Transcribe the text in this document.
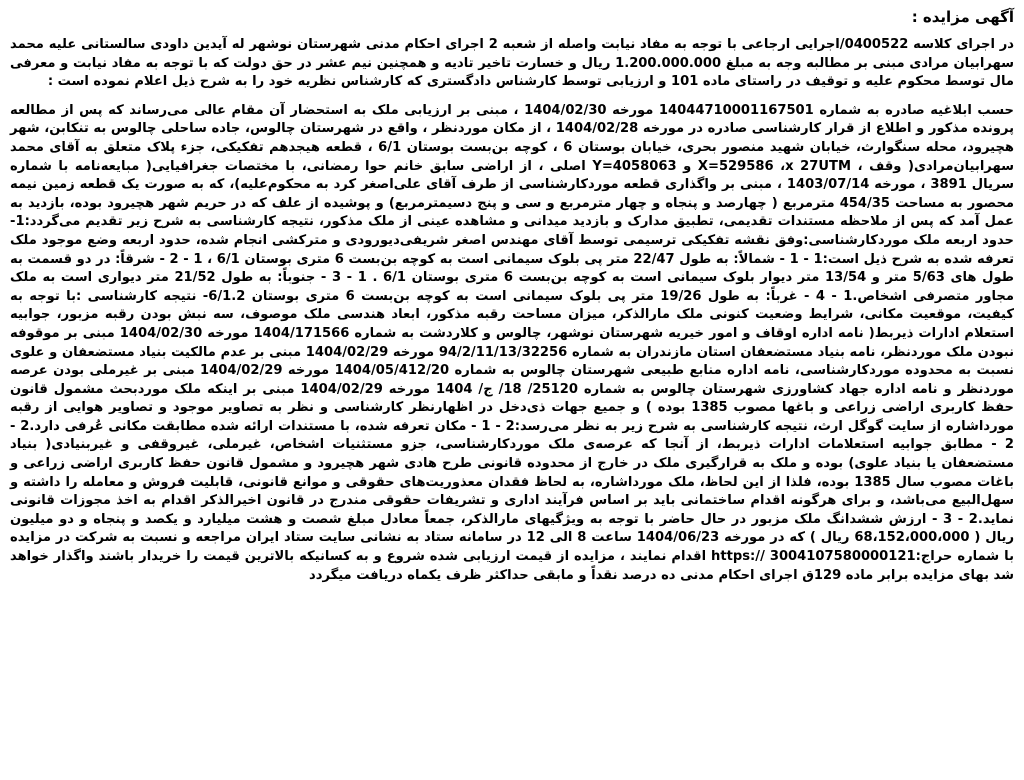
آگهی مزایده :

در اجرای کلاسه 0400522/اجرایی ارجاعی با توجه به مفاد نیابت واصله از شعبه 2 اجرای احکام مدنی شهرستان نوشهر له آیدین داودی سالستانی علیه محمد سهرابیان مرادی مبنی بر مطالبه وجه به مبلغ 1.200.000.000 ریال و خسارت تاخیر تادیه و همچنین نیم عشر در حق دولت که با توجه به مفاد نیابت و معرفی مال توسط محکوم علیه و توقیف در راستای ماده 101 و ارزیابی توسط کارشناس دادگستری که کارشناس نظریه خود را به شرح ذیل اعلام نموده است :

حسب ابلاغیه صادره به شماره 14044710001167501 مورخه 1404/02/30 ، مبنی بر ارزیابی ملک به استحضار آن مقام عالی می‌رساند که پس از مطالعه پرونده مذکور و اطلاع از قرار کارشناسی صادره در مورخه 1404/02/28 ، از مکان موردنظر ، واقع در شهرستان چالوس، جاده ساحلی چالوس به تنکابن، شهر هچیرود، محله سنگوارث، خیابان شهید منصور بحری، خیابان بوستان 6 ، کوچه بن‌بست بوستان 6/1 ، قطعه هیجدهم تفکیکی، جزء پلاک متعلق به آقای محمد سهرابیان‌مرادی( وقف ، X=529586 ،x 27UTM و Y=4058063 اصلی ، از اراضی سابق خانم حوا رمضانی، با مختصات جغرافیایی( مبایعه‌نامه با شماره سریال 3891 ، مورخه 1403/07/14 ، مبنی بر واگذاری قطعه موردکارشناسی از طرف آقای علی‌اصغر کرد به محکوم‌علیه)، که به صورت یک قطعه زمین نیمه محصور به مساحت 454/35 مترمربع ( چهارصد و پنجاه و چهار مترمربع و سی و پنج دسیمترمربع) و پوشیده از علف که در حریم شهر هچیرود بوده، بازدید به عمل آمد که پس از ملاحظه مستندات تقدیمی، تطبیق مدارک و بازدید میدانی و مشاهده عینی از ملک مذکور، نتیجه کارشناسی به شرح زیر تقدیم می‌گردد:1- حدود اربعه ملک موردکارشناسی:وفق نقشه تفکیکی ترسیمی توسط آقای مهندس اصغر شریفی‌دیورودی و مترکشی انجام شده، حدود اربعه وضع موجود ملک تعرفه شده به شرح ذیل است:1 - 1 - شمالاً: به طول 22/47 متر پی بلوک سیمانی است به کوچه بن‌بست 6 متری بوستان 6/1 ، 1 - 2 - شرقاً: در دو قسمت به طول های 5/63 متر و 13/54 متر دیوار بلوک سیمانی است به کوچه بن‌بست 6 متری بوستان 6/1 . 1 - 3 - جنوباً: به طول 21/52 متر دیواری است به ملک مجاور متصرفی اشخاص.1 - 4 - غرباً: به طول 19/26 متر پی بلوک سیمانی است به کوچه بن‌بست 6 متری بوستان 6/1.2- نتیجه کارشناسی :با توجه به کیفیت، موقعیت مکانی، شرایط وضعیت کنونی ملک مارالذکر، میزان مساحت رقبه مذکور، ابعاد هندسی ملک موصوف، سه نبش بودن رقبه مزبور، جوابیه استعلام ادارات ذیربط( نامه اداره اوقاف و امور خیریه شهرستان نوشهر، چالوس و کلاردشت به شماره 1404/171566 مورخه 1404/02/30 مبنی بر موقوفه نبودن ملک موردنظر، نامه بنیاد مستضعفان استان مازندران به شماره 94/2/11/13/32256 مورخه 1404/02/29 مبنی بر عدم مالکیت بنیاد مستضعفان و علوی نسبت به محدوده موردکارشناسی، نامه اداره منابع طبیعی شهرستان چالوس به شماره 1404/05/412/20 مورخه 1404/02/29 مبنی بر غیرملی بودن عرصه موردنظر و نامه اداره جهاد کشاورزی شهرستان چالوس به شماره 25120/ 18/ ج/ 1404 مورخه 1404/02/29 مبنی بر اینکه ملک موردبحث مشمول قانون حفظ کاربری اراضی زراعی و باغها مصوب 1385 بوده ) و جمیع جهات ذی‌دخل در اظهارنظر کارشناسی و نظر به تصاویر موجود و تصاویر هوایی از رقبه مورداشاره از سایت گوگل ارث، نتیجه کارشناسی به شرح زیر به نظر می‌رسد:2 - 1 - مکان تعرفه شده، با مستندات ارائه شده مطابقت مکانی عُرفی دارد.2 - 2 - مطابق جوابیه استعلامات ادارات ذیربط، از آنجا که عرصه‌ی ملک موردکارشناسی، جزو مستثنیات اشخاص، غیرملی، غیروقفی و غیربنیادی( بنیاد مستضعفان یا بنیاد علوی) بوده و ملک به قرارگیری ملک در خارج از محدوده قانونی طرح هادی شهر هچیرود و مشمول قانون حفظ کاربری اراضی زراعی و باغات مصوب سال 1385 بوده، فلذا از این لحاظ، ملک مورداشاره، به لحاظ فقدان معذوریت‌های حقوقی و موانع قانونی، قابلیت فروش و معامله را داشته و سهل‌البیع می‌باشد، و برای هرگونه اقدام ساختمانی باید بر اساس فرآیند اداری و تشریفات حقوقی مندرج در قانون اخیرالذکر اقدام به اخذ مجوزات قانونی نماید.2 - 3 - ارزش ششدانگ ملک مزبور در حال حاضر با توجه به ویژگیهای مارالذکر، جمعاً معادل مبلغ شصت و هشت میلیارد و یکصد و پنجاه و دو میلیون ریال ( 68،152،000،000 ریال ) که در مورخه 1404/06/23 ساعت 8 الی 12 در سامانه ستاد به نشانی سایت ستاد ایران مراجعه و نسبت به شرکت در مزایده با شماره حراج:https:// 3004107580000121 اقدام نمایند ، مزایده از قیمت ارزیابی شده شروع و به کسانیکه بالاترین قیمت را خریدار باشند واگذار خواهد شد بهای مزایده برابر ماده 129ق اجرای احکام مدنی ده درصد نقداً و مابقی حداکثر ظرف یکماه دریافت میگردد
